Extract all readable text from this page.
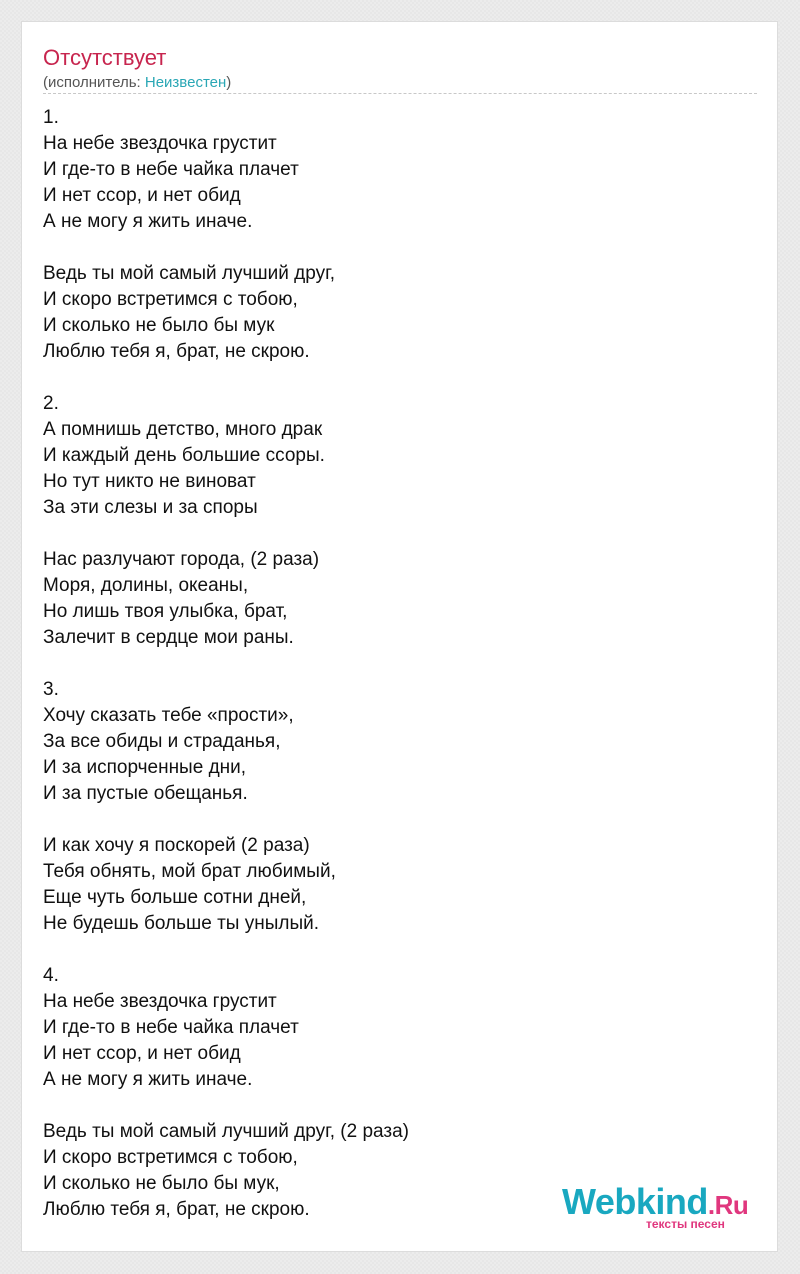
Отсутствует
(исполнитель: Неизвестен)
1.
На небе звездочка грустит
И где-то в небе чайка плачет
И нет ссор, и нет обид
А не могу я жить иначе.

Ведь ты мой самый лучший друг,
И скоро встретимся с тобою,
И сколько не было бы мук
Люблю тебя я, брат, не скрою.

2.
А помнишь детство, много драк
И каждый день большие ссоры.
Но тут никто не виноват
За эти слезы и за споры

Нас разлучают города, (2 раза)
Моря, долины, океаны,
Но лишь твоя улыбка, брат,
Залечит в сердце мои раны.

3.
Хочу сказать тебе «прости»,
За все обиды и страданья,
И за испорченные дни,
И за пустые обещанья.

И как хочу я поскорей (2 раза)
Тебя обнять, мой брат любимый,
Еще чуть больше сотни дней,
Не будешь больше ты унылый.

4.
На небе звездочка грустит
И где-то в небе чайка плачет
И нет ссор, и нет обид
А не могу я жить иначе.

Ведь ты мой самый лучший друг, (2 раза)
И скоро встретимся с тобою,
И сколько не было бы мук,
Люблю тебя я, брат, не скрою.	Webkind.Ru
тексты песен
